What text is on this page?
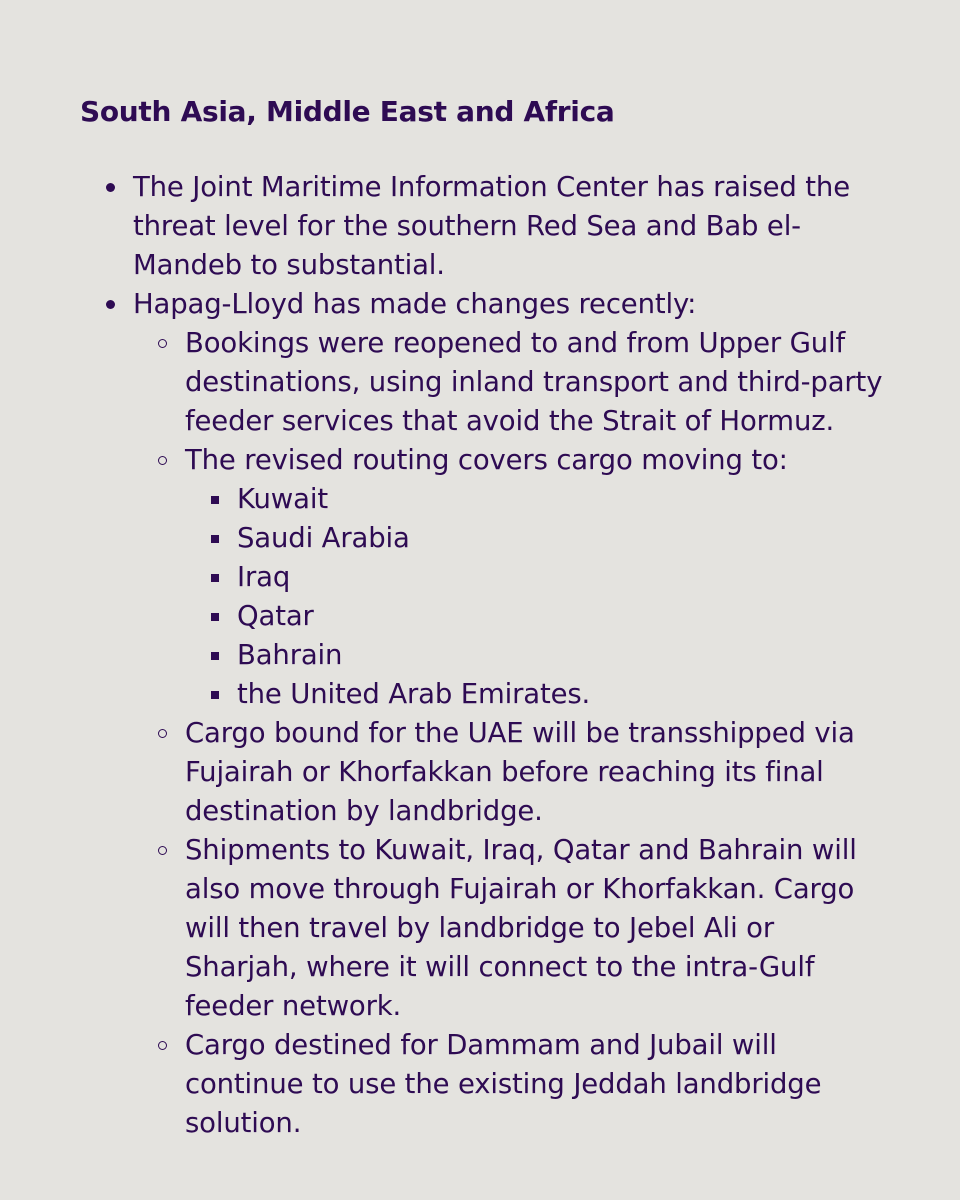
South Asia, Middle East and Africa
The Joint Maritime Information Center has raised the threat level for the southern Red Sea and Bab el-Mandeb to substantial.
Hapag-Lloyd has made changes recently:
Bookings were reopened to and from Upper Gulf destinations, using inland transport and third-party feeder services that avoid the Strait of Hormuz.
The revised routing covers cargo moving to:
Kuwait
Saudi Arabia
Iraq
Qatar
Bahrain
the United Arab Emirates.
Cargo bound for the UAE will be transshipped via Fujairah or Khorfakkan before reaching its final destination by landbridge.
Shipments to Kuwait, Iraq, Qatar and Bahrain will also move through Fujairah or Khorfakkan. Cargo will then travel by landbridge to Jebel Ali or Sharjah, where it will connect to the intra-Gulf feeder network.
Cargo destined for Dammam and Jubail will continue to use the existing Jeddah landbridge solution.
